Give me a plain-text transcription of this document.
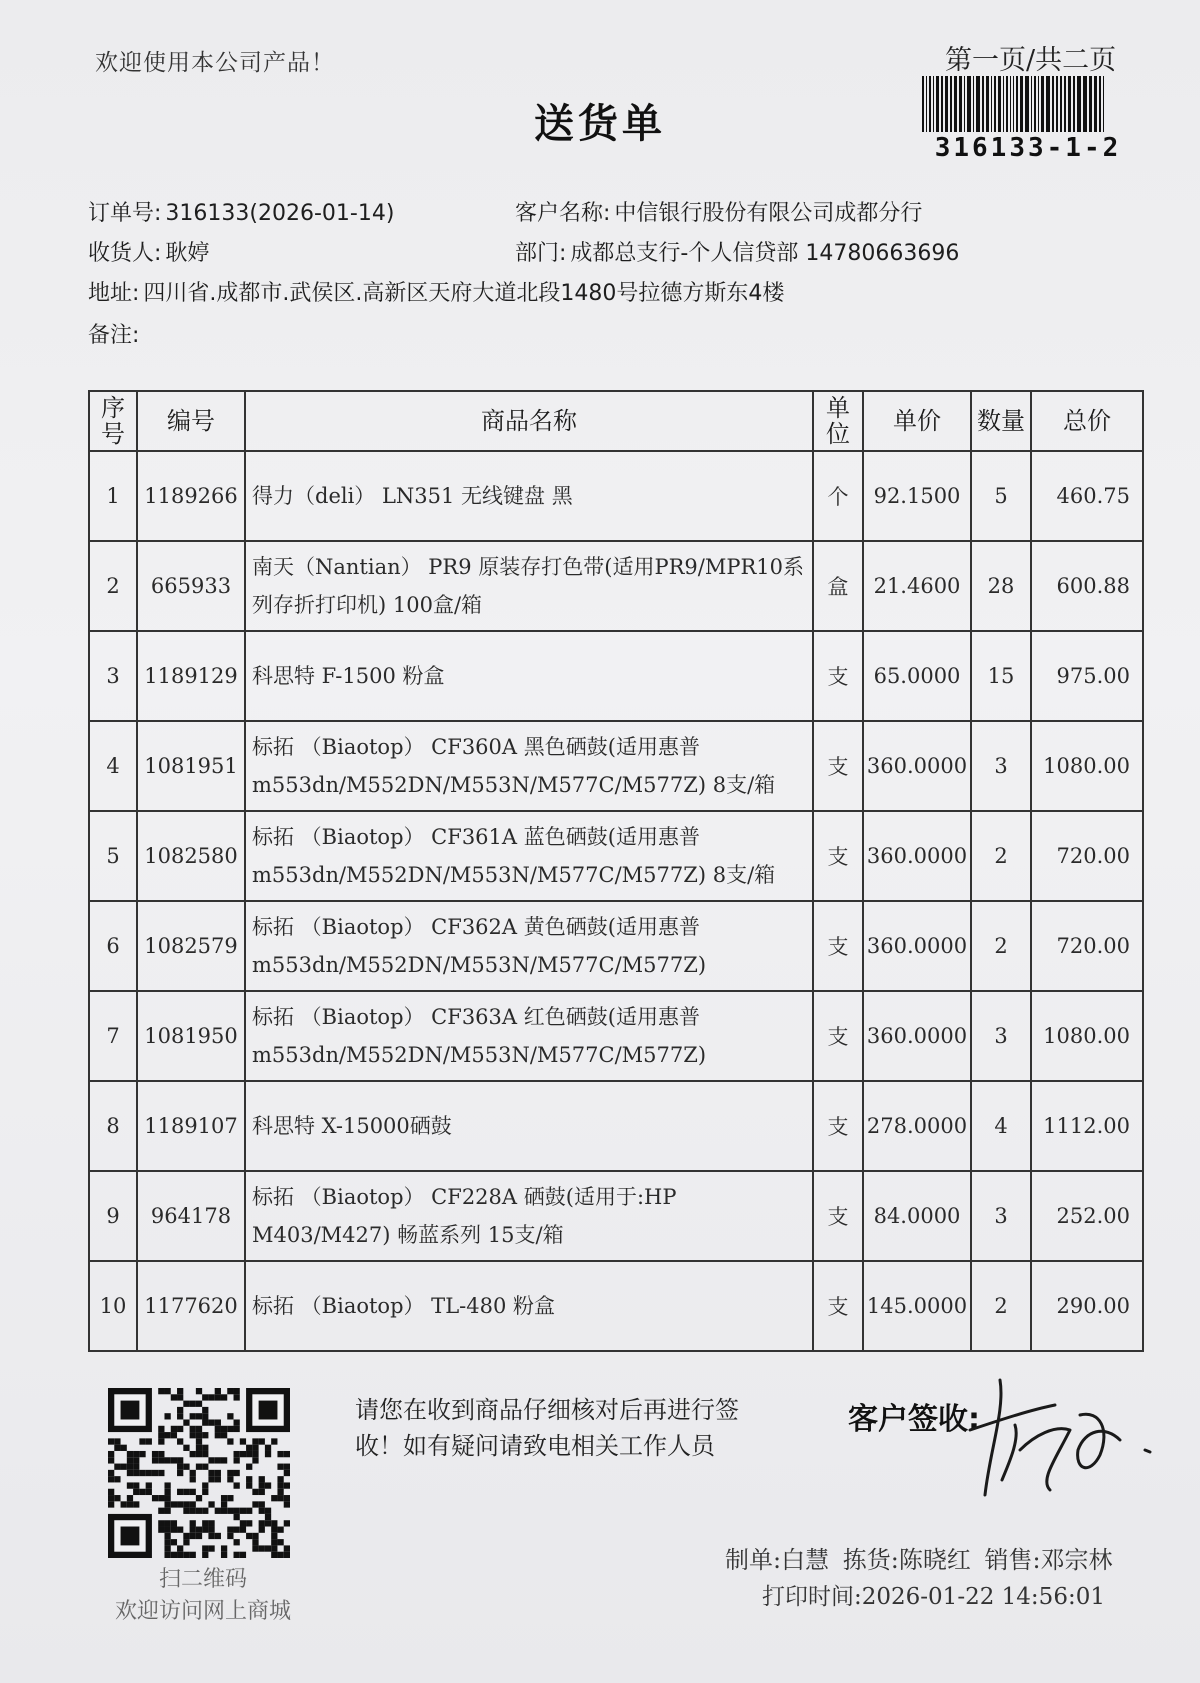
欢迎使用本公司产品！	第一页/共二页
316133-1-2
送货单
订单号: 316133(2026-01-14)	客户名称: 中信银行股份有限公司成都分行
收货人: 耿婷	部门: 成都总支行-个人信贷部 14780663696
地址: 四川省.成都市.武侯区.高新区天府大道北段1480号拉德方斯东4楼
备注:
序号	编号	商品名称	单位	单价	数量	总价
1	1189266	得力（deli） LN351 无线键盘 黑	个	92.1500	5	460.75
2	665933	南天（Nantian） PR9 原装存打色带(适用PR9/MPR10系列存折打印机) 100盒/箱	盒	21.4600	28	600.88
3	1189129	科思特 F-1500 粉盒	支	65.0000	15	975.00
4	1081951	标拓 （Biaotop） CF360A 黑色硒鼓(适用惠普 m553dn/M552DN/M553N/M577C/M577Z) 8支/箱	支	360.0000	3	1080.00
5	1082580	标拓 （Biaotop） CF361A 蓝色硒鼓(适用惠普 m553dn/M552DN/M553N/M577C/M577Z) 8支/箱	支	360.0000	2	720.00
6	1082579	标拓 （Biaotop） CF362A 黄色硒鼓(适用惠普 m553dn/M552DN/M553N/M577C/M577Z)	支	360.0000	2	720.00
7	1081950	标拓 （Biaotop） CF363A 红色硒鼓(适用惠普 m553dn/M552DN/M553N/M577C/M577Z)	支	360.0000	3	1080.00
8	1189107	科思特 X-15000硒鼓	支	278.0000	4	1112.00
9	964178	标拓 （Biaotop） CF228A 硒鼓(适用于:HP M403/M427) 畅蓝系列 15支/箱	支	84.0000	3	252.00
10	1177620	标拓 （Biaotop） TL-480 粉盒	支	145.0000	2	290.00
扫二维码
欢迎访问网上商城
请您在收到商品仔细核对后再进行签收！如有疑问请致电相关工作人员
客户签收:
制单:白慧 拣货:陈晓红 销售:邓宗林
打印时间:2026-01-22 14:56:01
